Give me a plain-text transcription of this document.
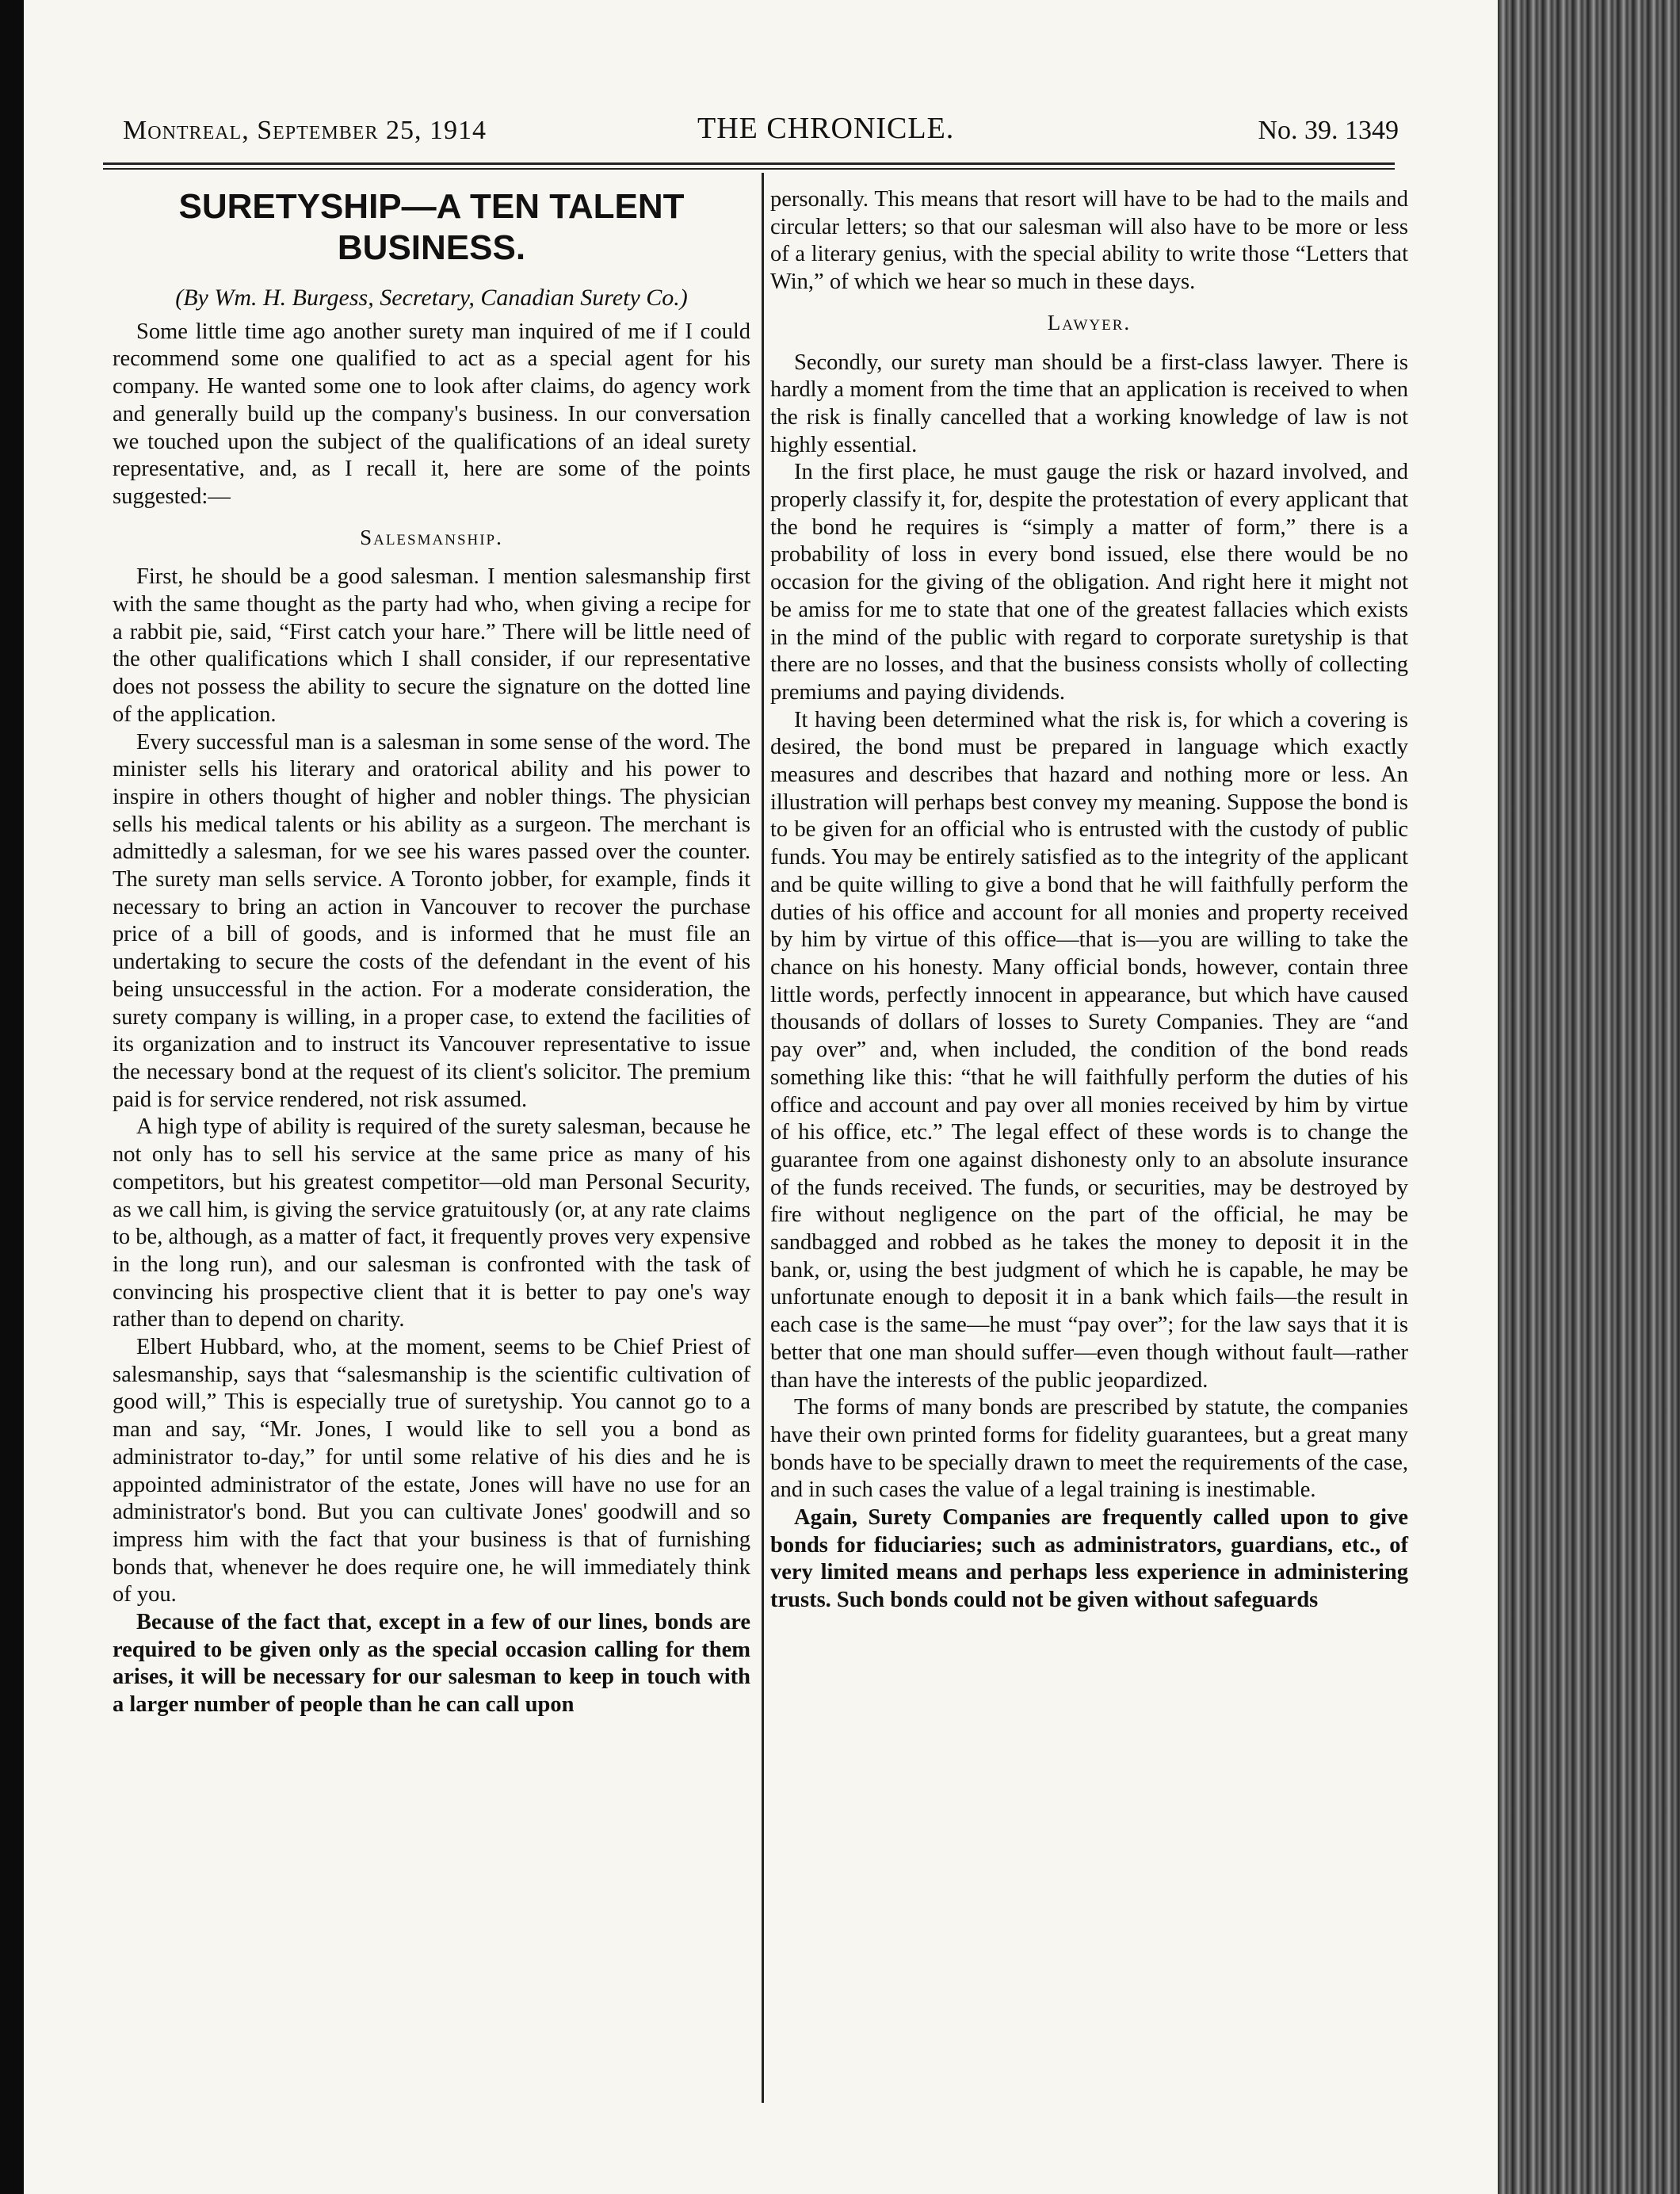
Montreal, September 25, 1914	THE CHRONICLE.	No. 39. 1349
SURETYSHIP—A TEN TALENT BUSINESS.
(By Wm. H. Burgess, Secretary, Canadian Surety Co.)

Some little time ago another surety man inquired of me if I could recommend some one qualified to act as a special agent for his company. He wanted some one to look after claims, do agency work and generally build up the company's business. In our conversation we touched upon the subject of the qualifications of an ideal surety representative, and, as I recall it, here are some of the points suggested:—

Salesmanship.

First, he should be a good salesman. I mention salesmanship first with the same thought as the party had who, when giving a recipe for a rabbit pie, said, “First catch your hare.” There will be little need of the other qualifications which I shall consider, if our representative does not possess the ability to secure the signature on the dotted line of the application.

Every successful man is a salesman in some sense of the word. The minister sells his literary and oratorical ability and his power to inspire in others thought of higher and nobler things. The physician sells his medical talents or his ability as a surgeon. The merchant is admittedly a salesman, for we see his wares passed over the counter. The surety man sells service. A Toronto jobber, for example, finds it necessary to bring an action in Vancouver to recover the purchase price of a bill of goods, and is informed that he must file an undertaking to secure the costs of the defendant in the event of his being unsuccessful in the action. For a moderate consideration, the surety company is willing, in a proper case, to extend the facilities of its organization and to instruct its Vancouver representative to issue the necessary bond at the request of its client's solicitor. The premium paid is for service rendered, not risk assumed.

A high type of ability is required of the surety salesman, because he not only has to sell his service at the same price as many of his competitors, but his greatest competitor—old man Personal Security, as we call him, is giving the service gratuitously (or, at any rate claims to be, although, as a matter of fact, it frequently proves very expensive in the long run), and our salesman is confronted with the task of convincing his prospective client that it is better to pay one's way rather than to depend on charity.

Elbert Hubbard, who, at the moment, seems to be Chief Priest of salesmanship, says that “salesmanship is the scientific cultivation of good will,” This is especially true of suretyship. You cannot go to a man and say, “Mr. Jones, I would like to sell you a bond as administrator to-day,” for until some relative of his dies and he is appointed administrator of the estate, Jones will have no use for an administrator's bond. But you can cultivate Jones' goodwill and so impress him with the fact that your business is that of furnishing bonds that, whenever he does require one, he will immediately think of you.

Because of the fact that, except in a few of our lines, bonds are required to be given only as the special occasion calling for them arises, it will be necessary for our salesman to keep in touch with a larger number of people than he can call upon

personally. This means that resort will have to be had to the mails and circular letters; so that our salesman will also have to be more or less of a literary genius, with the special ability to write those “Letters that Win,” of which we hear so much in these days.

Lawyer.

Secondly, our surety man should be a first-class lawyer. There is hardly a moment from the time that an application is received to when the risk is finally cancelled that a working knowledge of law is not highly essential.

In the first place, he must gauge the risk or hazard involved, and properly classify it, for, despite the protestation of every applicant that the bond he requires is “simply a matter of form,” there is a probability of loss in every bond issued, else there would be no occasion for the giving of the obligation. And right here it might not be amiss for me to state that one of the greatest fallacies which exists in the mind of the public with regard to corporate suretyship is that there are no losses, and that the business consists wholly of collecting premiums and paying dividends.

It having been determined what the risk is, for which a covering is desired, the bond must be prepared in language which exactly measures and describes that hazard and nothing more or less. An illustration will perhaps best convey my meaning. Suppose the bond is to be given for an official who is entrusted with the custody of public funds. You may be entirely satisfied as to the integrity of the applicant and be quite willing to give a bond that he will faithfully perform the duties of his office and account for all monies and property received by him by virtue of this office—that is—you are willing to take the chance on his honesty. Many official bonds, however, contain three little words, perfectly innocent in appearance, but which have caused thousands of dollars of losses to Surety Companies. They are “and pay over” and, when included, the condition of the bond reads something like this: “that he will faithfully perform the duties of his office and account and pay over all monies received by him by virtue of his office, etc.” The legal effect of these words is to change the guarantee from one against dishonesty only to an absolute insurance of the funds received. The funds, or securities, may be destroyed by fire without negligence on the part of the official, he may be sandbagged and robbed as he takes the money to deposit it in the bank, or, using the best judgment of which he is capable, he may be unfortunate enough to deposit it in a bank which fails—the result in each case is the same—he must “pay over”; for the law says that it is better that one man should suffer—even though without fault—rather than have the interests of the public jeopardized.

The forms of many bonds are prescribed by statute, the companies have their own printed forms for fidelity guarantees, but a great many bonds have to be specially drawn to meet the requirements of the case, and in such cases the value of a legal training is inestimable.

Again, Surety Companies are frequently called upon to give bonds for fiduciaries; such as administrators, guardians, etc., of very limited means and perhaps less experience in administering trusts. Such bonds could not be given without safeguards
